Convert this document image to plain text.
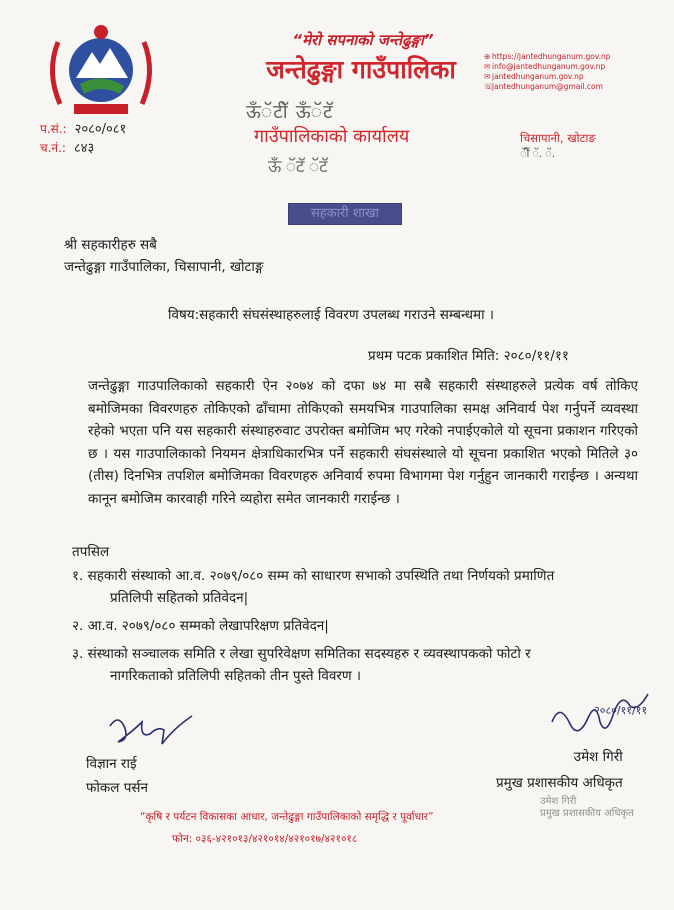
“मेरो सपनाको जन्तेढुङ्गा”
जन्तेढुङ्गा गाउँपालिका
ऊँॅटीॅ ऊँॅटॅ
गाउँपालिकाको कार्यालय
ऊँ ॅटॅ ॅटॅ
⊕ https://jantedhunganum.gov.np
✉ info@jantedhunganum.gov.np
✉ jantedhunganum.gov.np
☏jantedhunganum@gmail.com
प.सं.: २०८०/०८१
च.नं.: ८४३
चिसापानी, खोटाङ
ॅीॅ ॅ. ॅ.
सहकारी शाखा
श्री सहकारीहरु सबै
जन्तेढुङ्गा गाउँपालिका, चिसापानी, खोटाङ्ग
विषय:सहकारी संघसंस्थाहरुलाई विवरण उपलब्ध गराउने सम्बन्धमा ।
प्रथम पटक प्रकाशित मिति: २०८०/११/११
जन्तेढुङ्गा गाउपालिकाको सहकारी ऐन २०७४ को दफा ७४ मा सबै सहकारी संस्थाहरुले प्रत्येक वर्ष तोकिए बमोजिमका विवरणहरु तोकिएको ढाँचामा तोकिएको समयभित्र गाउपालिका समक्ष अनिवार्य पेश गर्नुपर्ने व्यवस्था रहेको भएता पनि यस सहकारी संस्थाहरुवाट उपरोक्त बमोजिम भए गरेको नपाईएकोले यो सूचना प्रकाशन गरिएको छ । यस गाउपालिकाको नियमन क्षेत्राधिकारभित्र पर्ने सहकारी संघसंस्थाले यो सूचना प्रकाशित भएको मितिले ३० (तीस) दिनभित्र तपशिल बमोजिमका विवरणहरु अनिवार्य रुपमा विभागमा पेश गर्नुहुन जानकारी गराईन्छ । अन्यथा कानून बमोजिम कारवाही गरिने व्यहोरा समेत जानकारी गराईन्छ ।
तपसिल
१. सहकारी संस्थाको आ.व. २०७९/०८० सम्म को साधारण सभाको उपस्थिति तथा निर्णयको प्रमाणित
प्रतिलिपी सहितको प्रतिवेदन|
२. आ.व. २०७९/०८० सम्मको लेखापरिक्षण प्रतिवेदन|
३. संस्थाको सञ्चालक समिति र लेखा सुपरिवेक्षण समितिका सदस्यहरु र व्यवस्थापकको फोटो र
नागरिकताको प्रतिलिपी सहितको तीन पुस्ते विवरण ।
२०८०/११/११
विज्ञान राई
फोकल पर्सन
उमेश गिरी
प्रमुख प्रशासकीय अधिकृत
उमेश गिरी
प्रमुख प्रशासकीय अधिकृत
“कृषि र पर्यटन विकासका आधार, जन्तेढुङ्गा गाउँपालिकाको समृद्धि र पूर्वाधार”
फोन: ०३६-४२१०१३/४२१०१४/४२१०१७/४२१०१८
